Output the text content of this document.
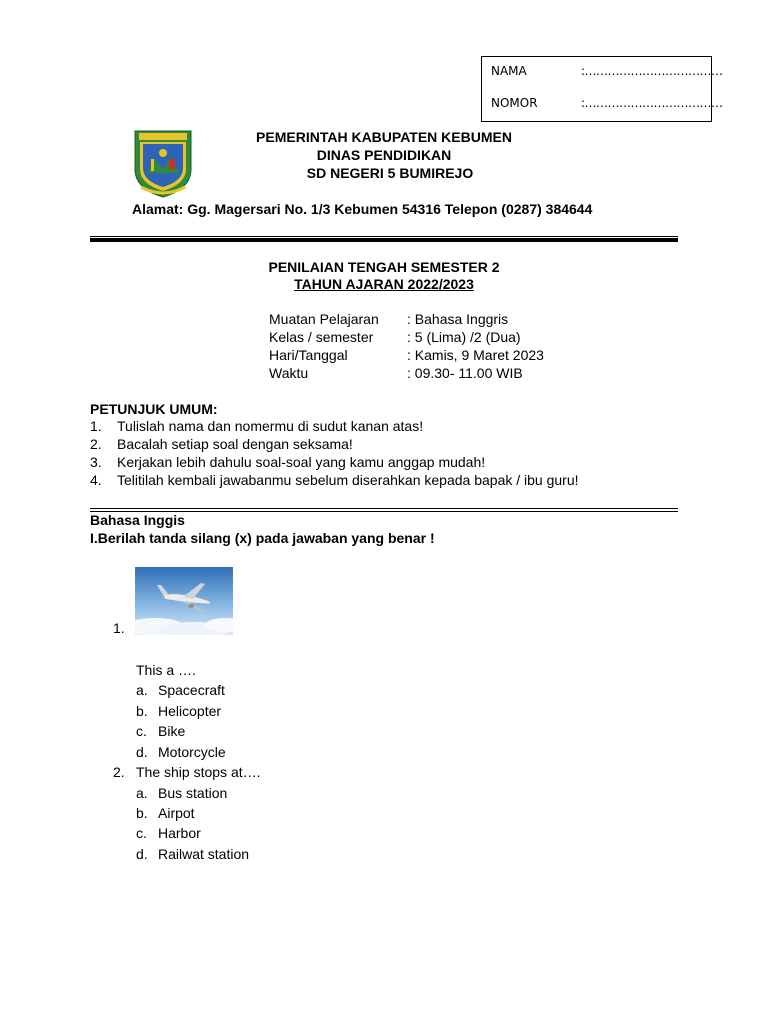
NAMA	:………………………………
NOMOR	:………………………………
PEMERINTAH KABUPATEN KEBUMEN
DINAS PENDIDIKAN
SD NEGERI 5 BUMIREJO
Alamat: Gg. Magersari No. 1/3 Kebumen 54316 Telepon (0287) 384644
PENILAIAN TENGAH SEMESTER 2
TAHUN AJARAN 2022/2023
Muatan Pelajaran : Bahasa Inggris
Kelas / semester : 5 (Lima) /2 (Dua)
Hari/Tanggal	: Kamis, 9 Maret 2023
Waktu	: 09.30- 11.00 WIB
PETUNJUK UMUM:
1. Tulislah nama dan nomermu di sudut kanan atas!
2. Bacalah setiap soal dengan seksama!
3. Kerjakan lebih dahulu soal-soal yang kamu anggap mudah!
4. Telitilah kembali jawabanmu sebelum diserahkan kepada bapak / ibu guru!
Bahasa Inggis
I.Berilah tanda silang (x) pada jawaban yang benar !
1.
This a ….
a. Spacecraft
b. Helicopter
c. Bike
d. Motorcycle
2. The ship stops at….
a. Bus station
b. Airpot
c. Harbor
d. Railwat station
